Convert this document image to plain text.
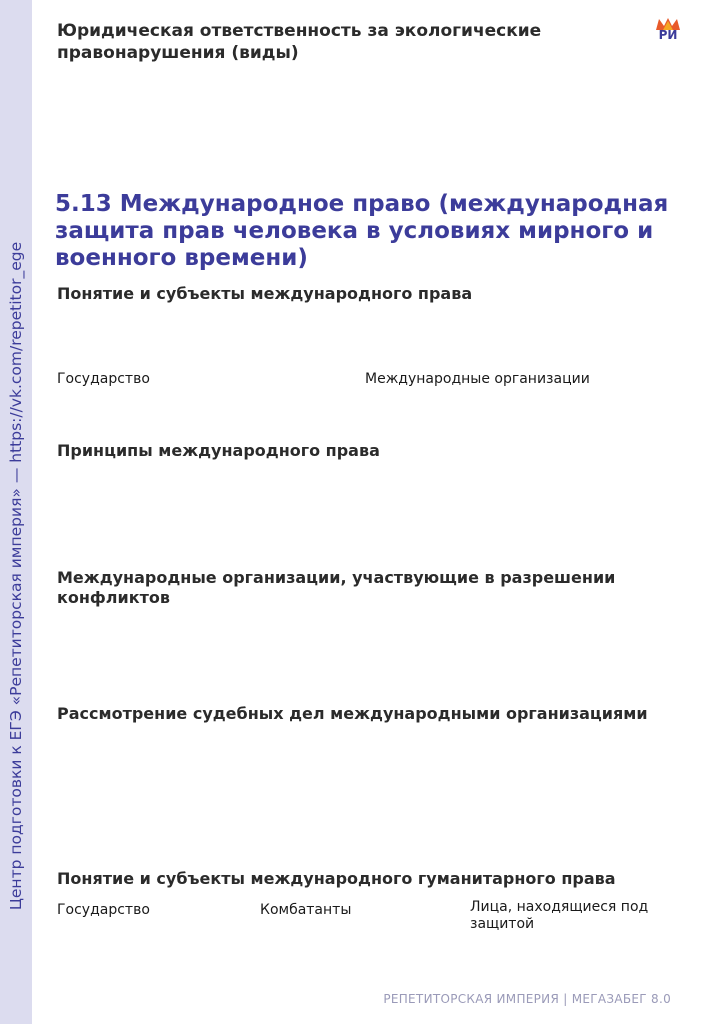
Центр подготовки к ЕГЭ «Репетиторская империя» — https://vk.com/repetitor_ege
РИ
Юридическая ответственность за экологические правонарушения (виды)
5.13 Международное право (международная защита прав человека в условиях мирного и военного времени)
Понятие и субъекты международного права
Государство	Международные организации
Принципы международного права
Международные организации, участвующие в разрешении конфликтов
Рассмотрение судебных дел международными организациями
Понятие и субъекты международного гуманитарного права
Государство	Комбатанты	Лица, находящиеся под защитой
РЕПЕТИТОРСКАЯ ИМПЕРИЯ | МЕГАЗАБЕГ 8.0
